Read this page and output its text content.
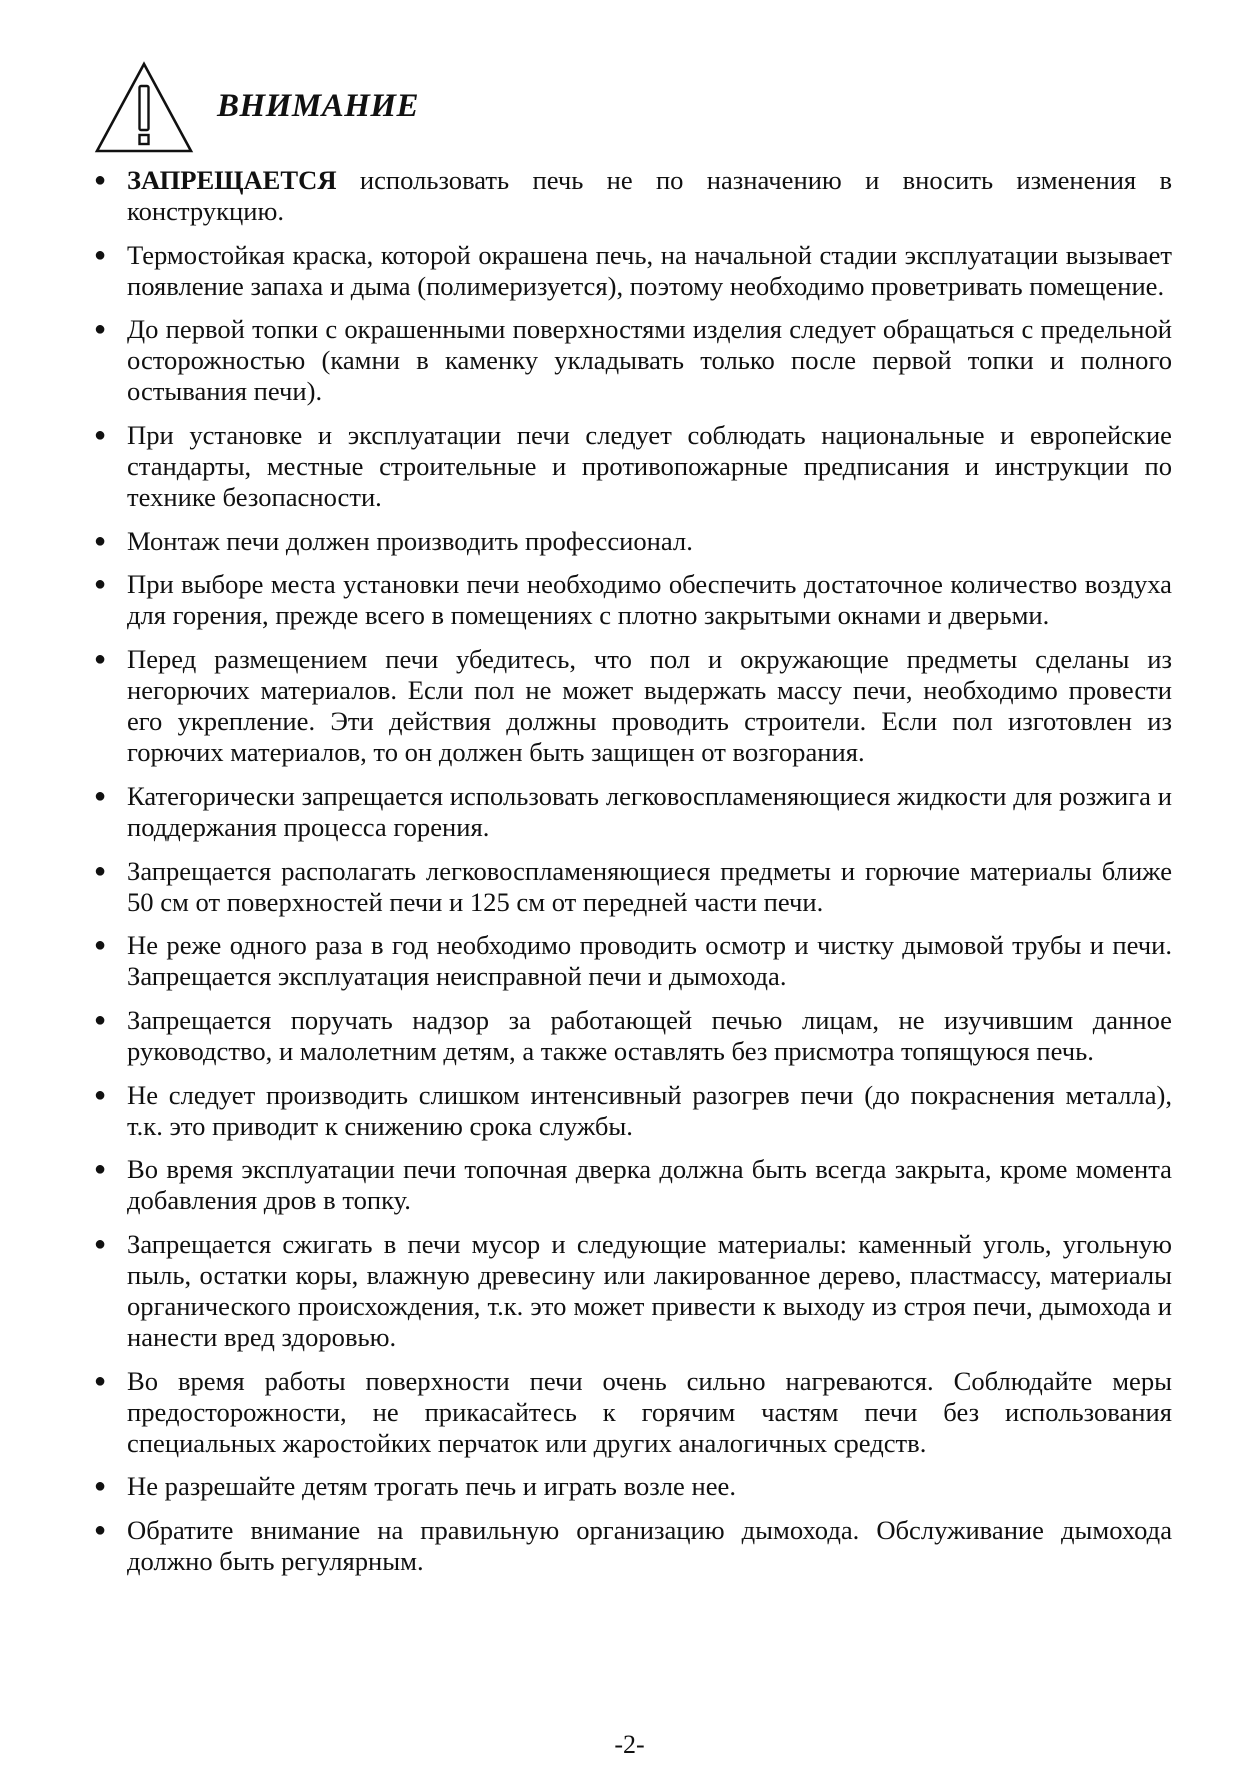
ВНИМАНИЕ
● ЗАПРЕЩАЕТСЯ использовать печь не по назначению и вносить изменения в конструкцию.
● Термостойкая краска, которой окрашена печь, на начальной стадии эксплуатации вызывает появление запаха и дыма (полимеризуется), поэтому необходимо проветривать помещение.
● До первой топки с окрашенными поверхностями изделия следует обращаться с предельной осторожностью (камни в каменку укладывать только после первой топки и полного остывания печи).
● При установке и эксплуатации печи следует соблюдать национальные и европейские стандарты, местные строительные и противопожарные предписания и инструкции по технике безопасности.
● Монтаж печи должен производить профессионал.
● При выборе места установки печи необходимо обеспечить достаточное количество воздуха для горения, прежде всего в помещениях с плотно закрытыми окнами и дверьми.
● Перед размещением печи убедитесь, что пол и окружающие предметы сделаны из негорючих материалов. Если пол не может выдержать массу печи, необходимо провести его укрепление. Эти действия должны проводить строители. Если пол изготовлен из горючих материалов, то он должен быть защищен от возгорания.
● Категорически запрещается использовать легковоспламеняющиеся жидкости для розжига и поддержания процесса горения.
● Запрещается располагать легковоспламеняющиеся предметы и горючие материалы ближе 50 см от поверхностей печи и 125 см от передней части печи.
● Не реже одного раза в год необходимо проводить осмотр и чистку дымовой трубы и печи. Запрещается эксплуатация неисправной печи и дымохода.
● Запрещается поручать надзор за работающей печью лицам, не изучившим данное руководство, и малолетним детям, а также оставлять без присмотра топящуюся печь.
● Не следует производить слишком интенсивный разогрев печи (до покраснения металла), т.к. это приводит к снижению срока службы.
● Во время эксплуатации печи топочная дверка должна быть всегда закрыта, кроме момента добавления дров в топку.
● Запрещается сжигать в печи мусор и следующие материалы: каменный уголь, угольную пыль, остатки коры, влажную древесину или лакированное дерево, пластмассу, материалы органического происхождения, т.к. это может привести к выходу из строя печи, дымохода и нанести вред здоровью.
● Во время работы поверхности печи очень сильно нагреваются. Соблюдайте меры предосторожности, не прикасайтесь к горячим частям печи без использования специальных жаростойких перчаток или других аналогичных средств.
● Не разрешайте детям трогать печь и играть возле нее.
● Обратите внимание на правильную организацию дымохода. Обслуживание дымохода должно быть регулярным.
-2-
